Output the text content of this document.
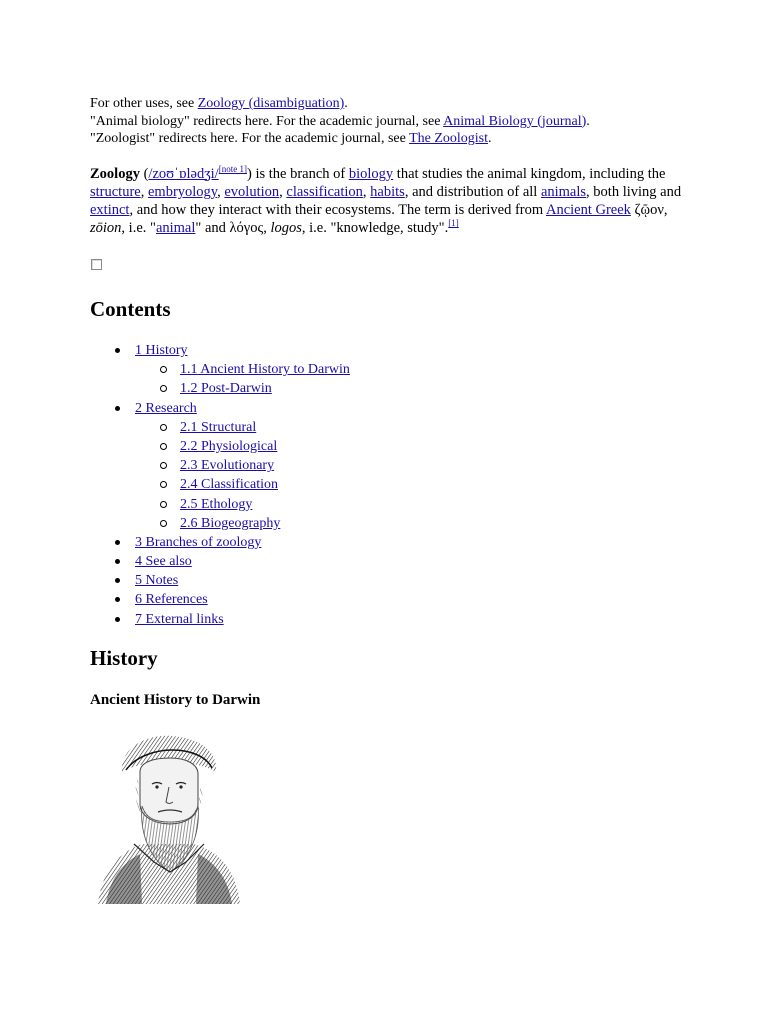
For other uses, see Zoology (disambiguation).
"Animal biology" redirects here. For the academic journal, see Animal Biology (journal).
"Zoologist" redirects here. For the academic journal, see The Zoologist.
Zoology (/zoʊˈɒlədʒi/[note 1]) is the branch of biology that studies the animal kingdom, including the structure, embryology, evolution, classification, habits, and distribution of all animals, both living and extinct, and how they interact with their ecosystems. The term is derived from Ancient Greek ζῷον, zōion, i.e. "animal" and λόγος, logos, i.e. "knowledge, study".[1]
Contents
1 History
1.1 Ancient History to Darwin
1.2 Post-Darwin
2 Research
2.1 Structural
2.2 Physiological
2.3 Evolutionary
2.4 Classification
2.5 Ethology
2.6 Biogeography
3 Branches of zoology
4 See also
5 Notes
6 References
7 External links
History
Ancient History to Darwin
